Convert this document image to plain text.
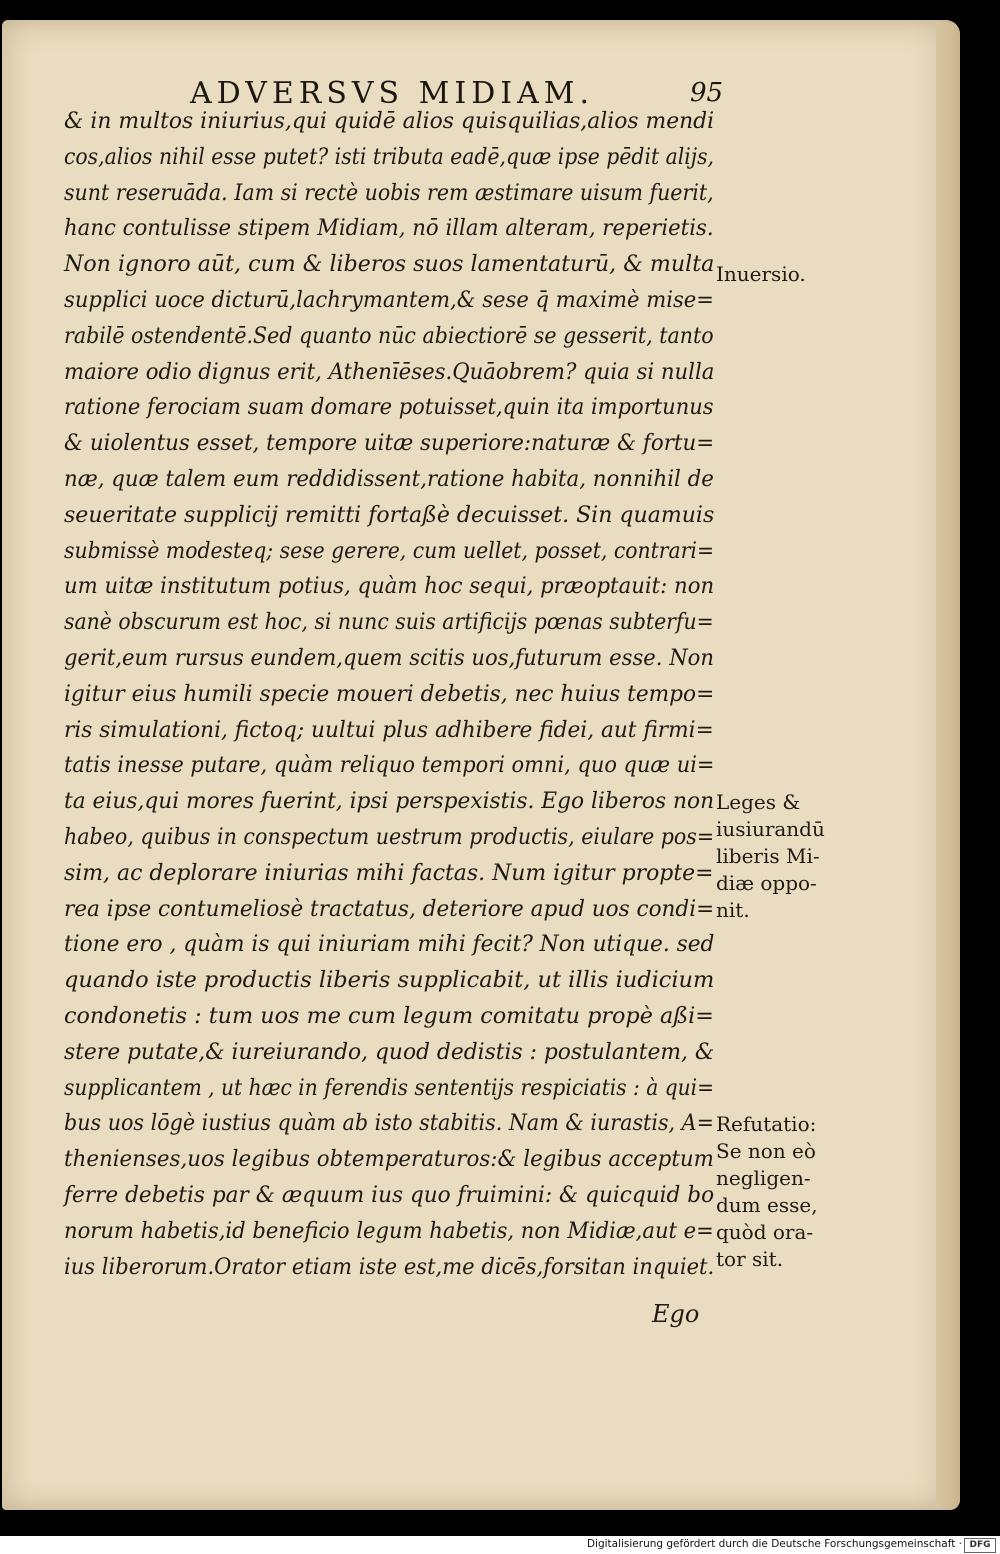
ADVERSVS MIDIAM.	95
& in multos iniurius,qui quidē alios quisquilias,alios mendi
cos,alios nihil esse putet? isti tributa eadē,quæ ipse pēdit alijs,
sunt reseruāda. Iam si rectè uobis rem æstimare uisum fuerit,
hanc contulisse stipem Midiam, nō illam alteram, reperietis.
Non ignoro aūt, cum & liberos suos lamentaturū, & multa
supplici uoce dicturū,lachrymantem,& sese q̄ maximè mise=
rabilē ostendentē.Sed quanto nūc abiectiorē se gesserit, tanto
maiore odio dignus erit, Athenīēses.Quāobrem? quia si nulla
ratione ferociam suam domare potuisset,quin ita importunus
& uiolentus esset, tempore uitæ superiore:naturæ & fortu=
næ, quæ talem eum reddidissent,ratione habita, nonnihil de
seueritate supplicij remitti fortaßè decuisset. Sin quamuis
submissè modesteq; sese gerere, cum uellet, posset, contrari=
um uitæ institutum potius, quàm hoc sequi, præoptauit: non
sanè obscurum est hoc, si nunc suis artificijs pœnas subterfu=
gerit,eum rursus eundem,quem scitis uos,futurum esse. Non
igitur eius humili specie moueri debetis, nec huius tempo=
ris simulationi, fictoq; uultui plus adhibere fidei, aut firmi=
tatis inesse putare, quàm reliquo tempori omni, quo quæ ui=
ta eius,qui mores fuerint, ipsi perspexistis. Ego liberos non
habeo, quibus in conspectum uestrum productis, eiulare pos=
sim, ac deplorare iniurias mihi factas. Num igitur propte=
rea ipse contumeliosè tractatus, deteriore apud uos condi=
tione ero , quàm is qui iniuriam mihi fecit? Non utique. sed
quando iste productis liberis supplicabit, ut illis iudicium
condonetis : tum uos me cum legum comitatu propè aßi=
stere putate,& iureiurando, quod dedistis : postulantem, &
supplicantem , ut hæc in ferendis sententijs respiciatis : à qui=
bus uos lōgè iustius quàm ab isto stabitis. Nam & iurastis, A=
thenienses,uos legibus obtemperaturos:& legibus acceptum
ferre debetis par & æquum ius quo fruimini: & quicquid bo
norum habetis,id beneficio legum habetis, non Midiæ,aut e=
ius liberorum.Orator etiam iste est,me dicēs,forsitan inquiet.
Inuersio.
Leges &
iusiurandū
liberis Mi-
diæ oppo-
nit.
Refutatio:
Se non eò
negligen-
dum esse,
quòd ora-
tor sit.
Ego
Digitalisierung gefördert durch die Deutsche Forschungsgemeinschaft · DFG
